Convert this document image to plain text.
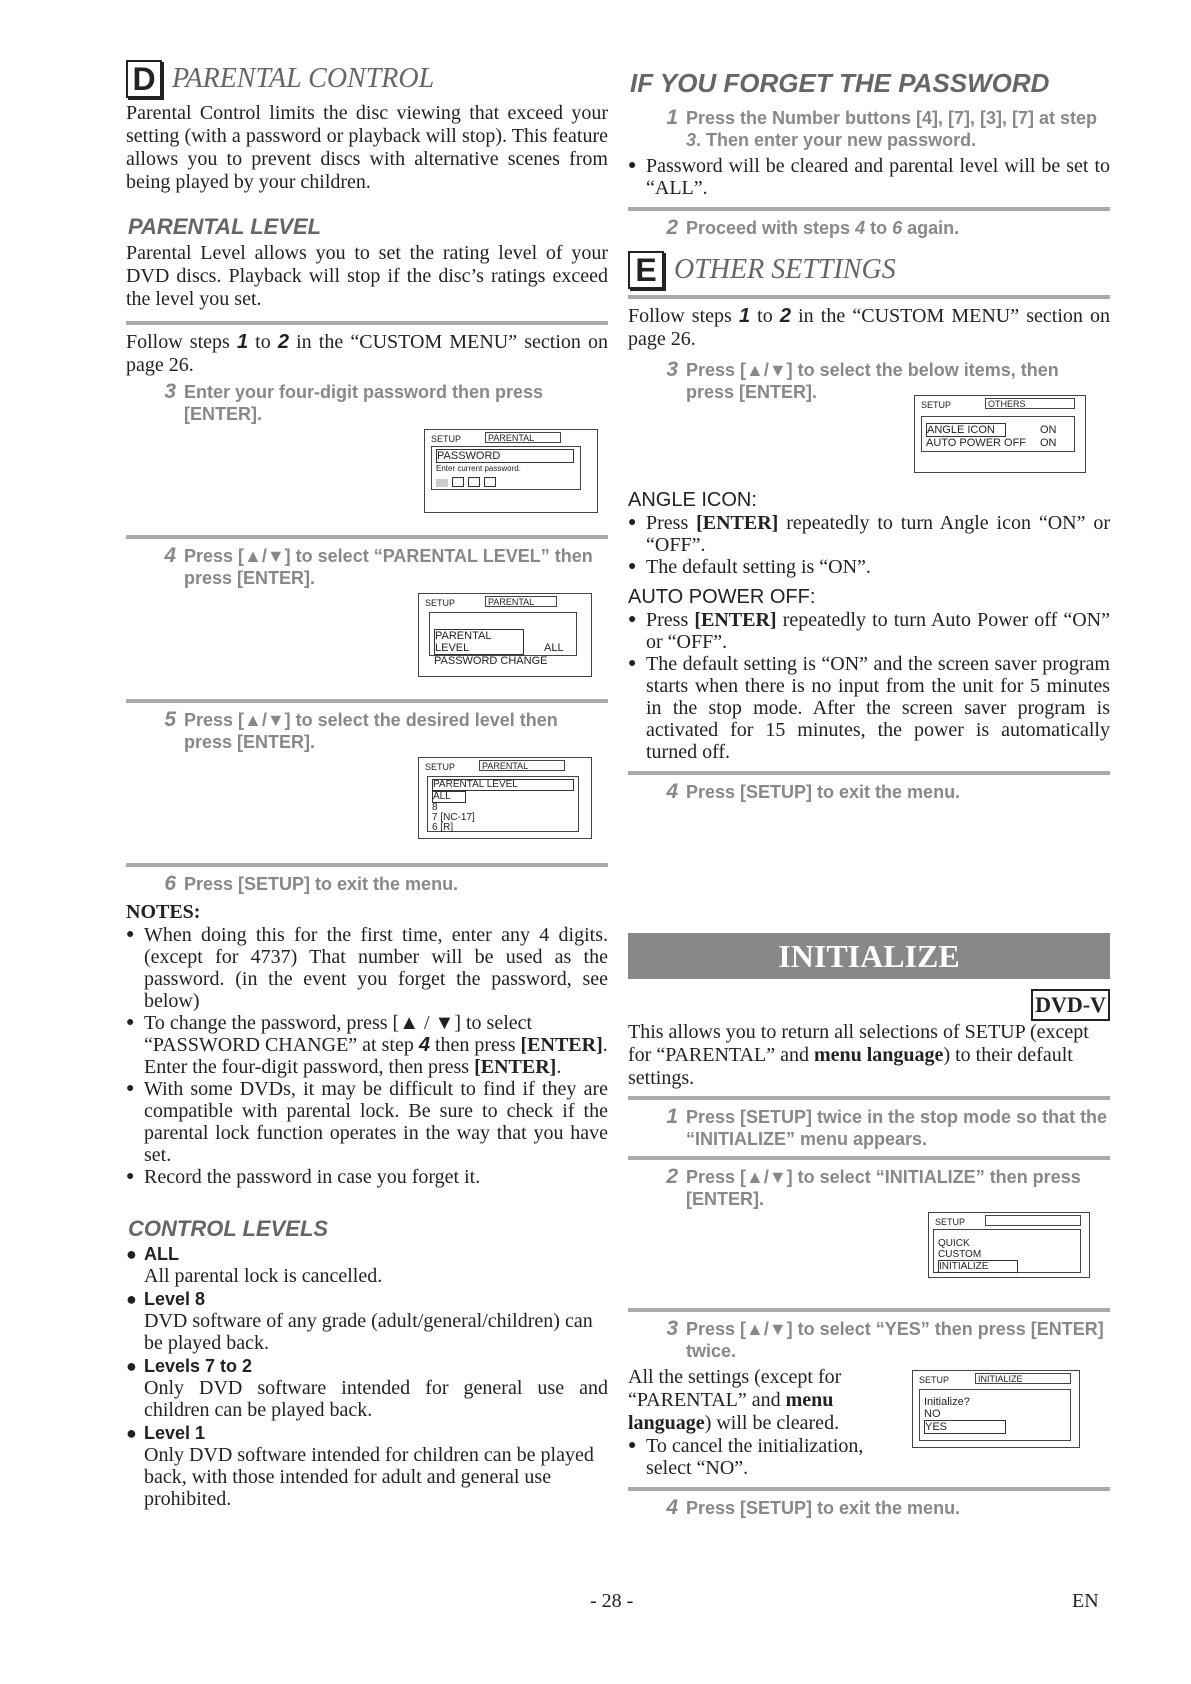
D PARENTAL CONTROL
Parental Control limits the disc viewing that exceed your setting (with a password or playback will stop). This feature allows you to prevent discs with alternative scenes from being played by your children.
PARENTAL LEVEL
Parental Level allows you to set the rating level of your DVD discs. Playback will stop if the disc’s ratings exceed the level you set.
Follow steps 1 to 2 in the “CUSTOM MENU” section on page 26.
3 Enter your four-digit password then press [ENTER].
SETUP	PARENTAL
PASSWORD
Enter current password.
4 Press [▲/▼] to select “PARENTAL LEVEL” then press [ENTER].
SETUP	PARENTAL
PARENTAL LEVEL	ALL
PASSWORD CHANGE
5 Press [▲/▼] to select the desired level then press [ENTER].
SETUP	PARENTAL
PARENTAL LEVEL ALL
8
7 [NC-17]
6 [R]
6 Press [SETUP] to exit the menu.
NOTES:
● When doing this for the first time, enter any 4 digits. (except for 4737) That number will be used as the password. (in the event you forget the password, see below)
● To change the password, press [▲ / ▼] to select “PASSWORD CHANGE” at step 4 then press [ENTER]. Enter the four-digit password, then press [ENTER].
● With some DVDs, it may be difficult to find if they are compatible with parental lock. Be sure to check if the parental lock function operates in the way that you have set.
● Record the password in case you forget it.
CONTROL LEVELS
● ALL
All parental lock is cancelled.
● Level 8
DVD software of any grade (adult/general/children) can be played back.
● Levels 7 to 2
Only DVD software intended for general use and children can be played back.
● Level 1
Only DVD software intended for children can be played back, with those intended for adult and general use prohibited.
IF YOU FORGET THE PASSWORD
1 Press the Number buttons [4], [7], [3], [7] at step 3. Then enter your new password.
● Password will be cleared and parental level will be set to “ALL”.
2 Proceed with steps 4 to 6 again.
E OTHER SETTINGS
Follow steps 1 to 2 in the “CUSTOM MENU” section on page 26.
3 Press [▲/▼] to select the below items, then press [ENTER].
SETUP	OTHERS
ANGLE ICON	ON
AUTO POWER OFF ON
ANGLE ICON:
● Press [ENTER] repeatedly to turn Angle icon “ON” or “OFF”.
● The default setting is “ON”.
AUTO POWER OFF:
● Press [ENTER] repeatedly to turn Auto Power off “ON” or “OFF”.
● The default setting is “ON” and the screen saver program starts when there is no input from the unit for 5 minutes in the stop mode. After the screen saver program is activated for 15 minutes, the power is automatically turned off.
4 Press [SETUP] to exit the menu.
INITIALIZE
DVD-V
This allows you to return all selections of SETUP (except for “PARENTAL” and menu language) to their default settings.
1 Press [SETUP] twice in the stop mode so that the “INITIALIZE” menu appears.
2 Press [▲/▼] to select “INITIALIZE” then press [ENTER].
SETUP
QUICK
CUSTOM
INITIALIZE
3 Press [▲/▼] to select “YES” then press [ENTER] twice.
All the settings (except for “PARENTAL” and menu language) will be cleared.
● To cancel the initialization, select “NO”.
SETUP	INITIALIZE
Initialize?
NO
YES
4 Press [SETUP] to exit the menu.
- 28 -	EN
